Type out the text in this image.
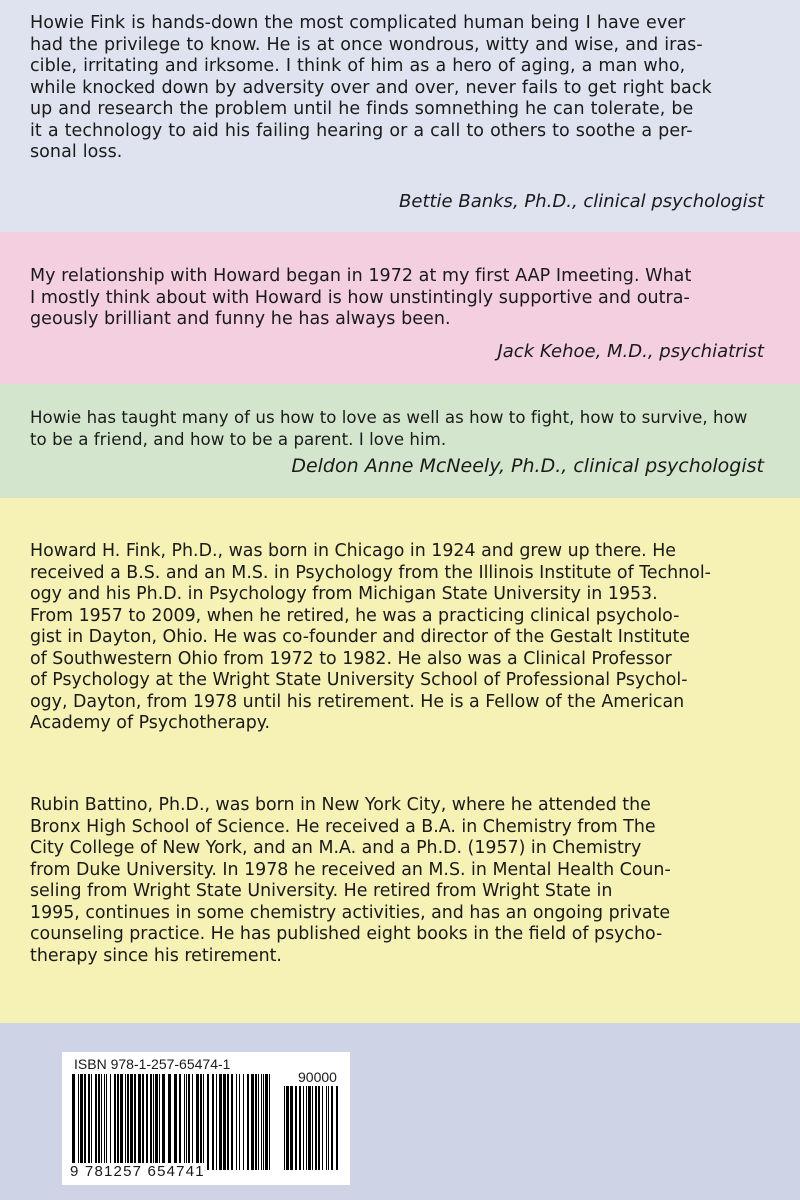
Howie Fink is hands-down the most complicated human being I have ever
had the privilege to know. He is at once wondrous, witty and wise, and iras-
cible, irritating and irksome. I think of him as a hero of aging, a man who,
while knocked down by adversity over and over, never fails to get right back
up and research the problem until he finds somnething he can tolerate, be
it a technology to aid his failing hearing or a call to others to soothe a per-
sonal loss.
Bettie Banks, Ph.D., clinical psychologist
My relationship with Howard began in 1972 at my first AAP Imeeting. What
I mostly think about with Howard is how unstintingly supportive and outra-
geously brilliant and funny he has always been.
Jack Kehoe, M.D., psychiatrist
Howie has taught many of us how to love as well as how to fight, how to survive, how
to be a friend, and how to be a parent. I love him.
Deldon Anne McNeely, Ph.D., clinical psychologist
Howard H. Fink, Ph.D., was born in Chicago in 1924 and grew up there. He
received a B.S. and an M.S. in Psychology from the Illinois Institute of Technol-
ogy and his Ph.D. in Psychology from Michigan State University in 1953.
From 1957 to 2009, when he retired, he was a practicing clinical psycholo-
gist in Dayton, Ohio. He was co-founder and director of the Gestalt Institute
of Southwestern Ohio from 1972 to 1982. He also was a Clinical Professor
of Psychology at the Wright State University School of Professional Psychol-
ogy, Dayton, from 1978 until his retirement. He is a Fellow of the American
Academy of Psychotherapy.
Rubin Battino, Ph.D., was born in New York City, where he attended the
Bronx High School of Science. He received a B.A. in Chemistry from The
City College of New York, and an M.A. and a Ph.D. (1957) in Chemistry
from Duke University. In 1978 he received an M.S. in Mental Health Coun-
seling from Wright State University. He retired from Wright State in
1995, continues in some chemistry activities, and has an ongoing private
counseling practice. He has published eight books in the field of psycho-
therapy since his retirement.
ISBN 978-1-257-65474-1
90000
9 781257 654741
